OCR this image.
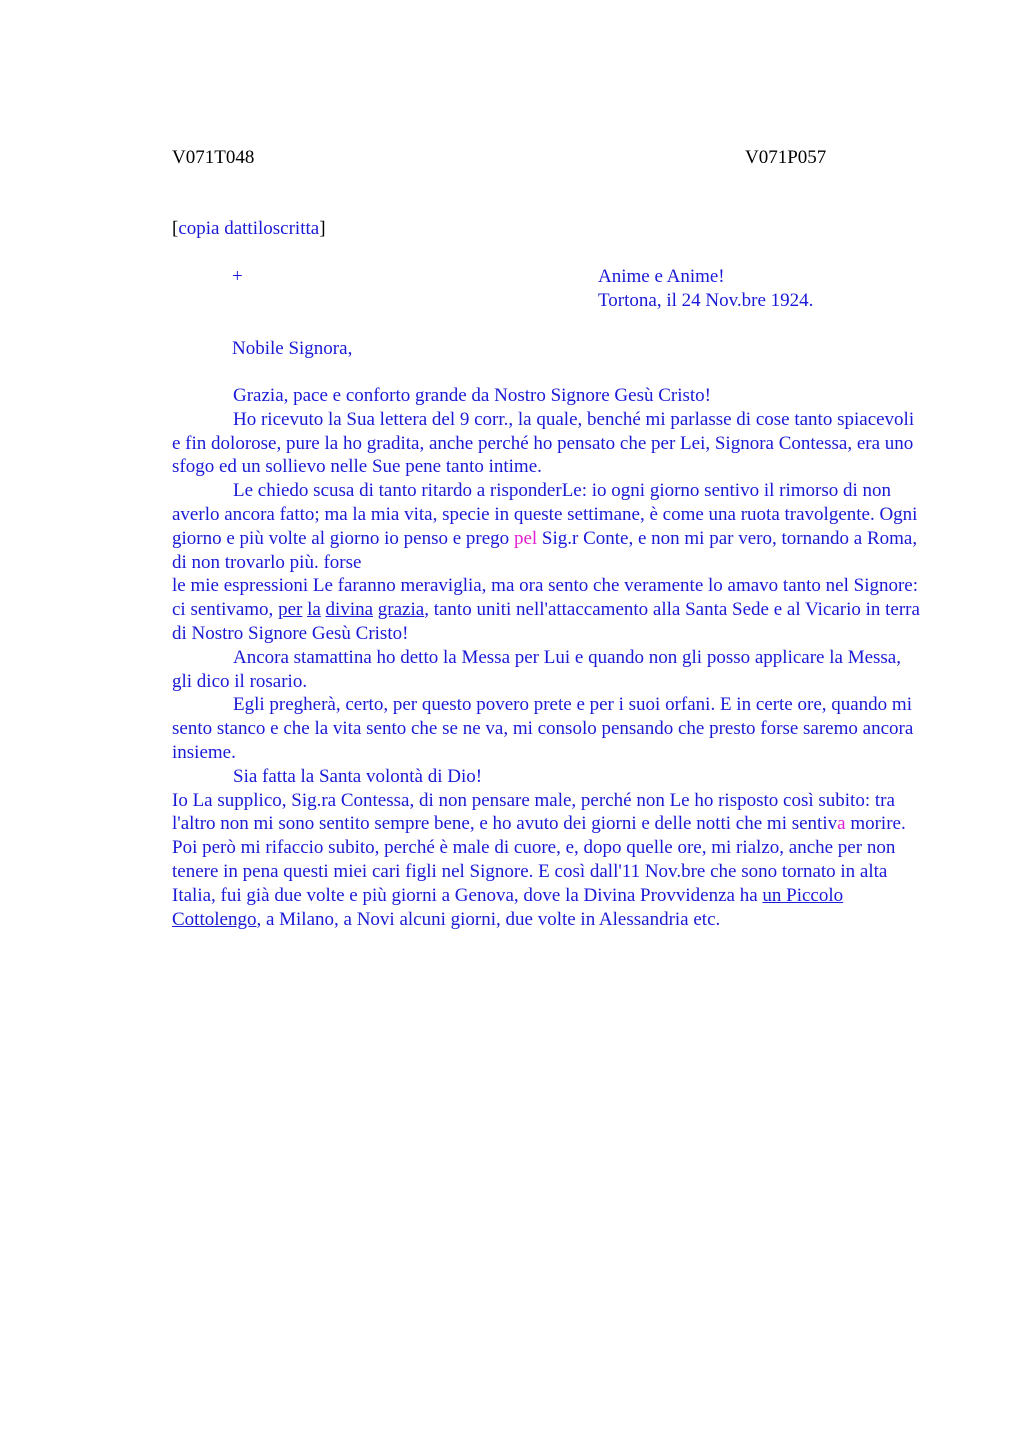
V071T048	V071P057
[copia dattiloscritta]
+	Anime e Anime!
Tortona, il 24 Nov.bre 1924.
Nobile Signora,

Grazia, pace e conforto grande da Nostro Signore Gesù Cristo!

Ho ricevuto la Sua lettera del 9 corr., la quale, benché mi parlasse di cose tanto spiacevoli e fin dolorose, pure la ho gradita, anche perché ho pensato che per Lei, Signora Contessa, era uno sfogo ed un sollievo nelle Sue pene tanto intime.

Le chiedo scusa di tanto ritardo a risponderLe: io ogni giorno sentivo il rimorso di non averlo ancora fatto; ma la mia vita, specie in queste settimane, è come una ruota travolgente. Ogni giorno e più volte al giorno io penso e prego pel Sig.r Conte, e non mi par vero, tornando a Roma, di non trovarlo più. forse

le mie espressioni Le faranno meraviglia, ma ora sento che veramente lo amavo tanto nel Signore: ci sentivamo, per la divina grazia, tanto uniti nell'attaccamento alla Santa Sede e al Vicario in terra di Nostro Signore Gesù Cristo!

Ancora stamattina ho detto la Messa per Lui e quando non gli posso applicare la Messa, gli dico il rosario.

Egli pregherà, certo, per questo povero prete e per i suoi orfani. E in certe ore, quando mi sento stanco e che la vita sento che se ne va, mi consolo pensando che presto forse saremo ancora insieme.

Sia fatta la Santa volontà di Dio!

Io La supplico, Sig.ra Contessa, di non pensare male, perché non Le ho risposto così subito: tra l'altro non mi sono sentito sempre bene, e ho avuto dei giorni e delle notti che mi sentiva morire. Poi però mi rifaccio subito, perché è male di cuore, e, dopo quelle ore, mi rialzo, anche per non tenere in pena questi miei cari figli nel Signore. E così dall'11 Nov.bre che sono tornato in alta Italia, fui già due volte e più giorni a Genova, dove la Divina Provvidenza ha un Piccolo Cottolengo, a Milano, a Novi alcuni giorni, due volte in Alessandria etc.
